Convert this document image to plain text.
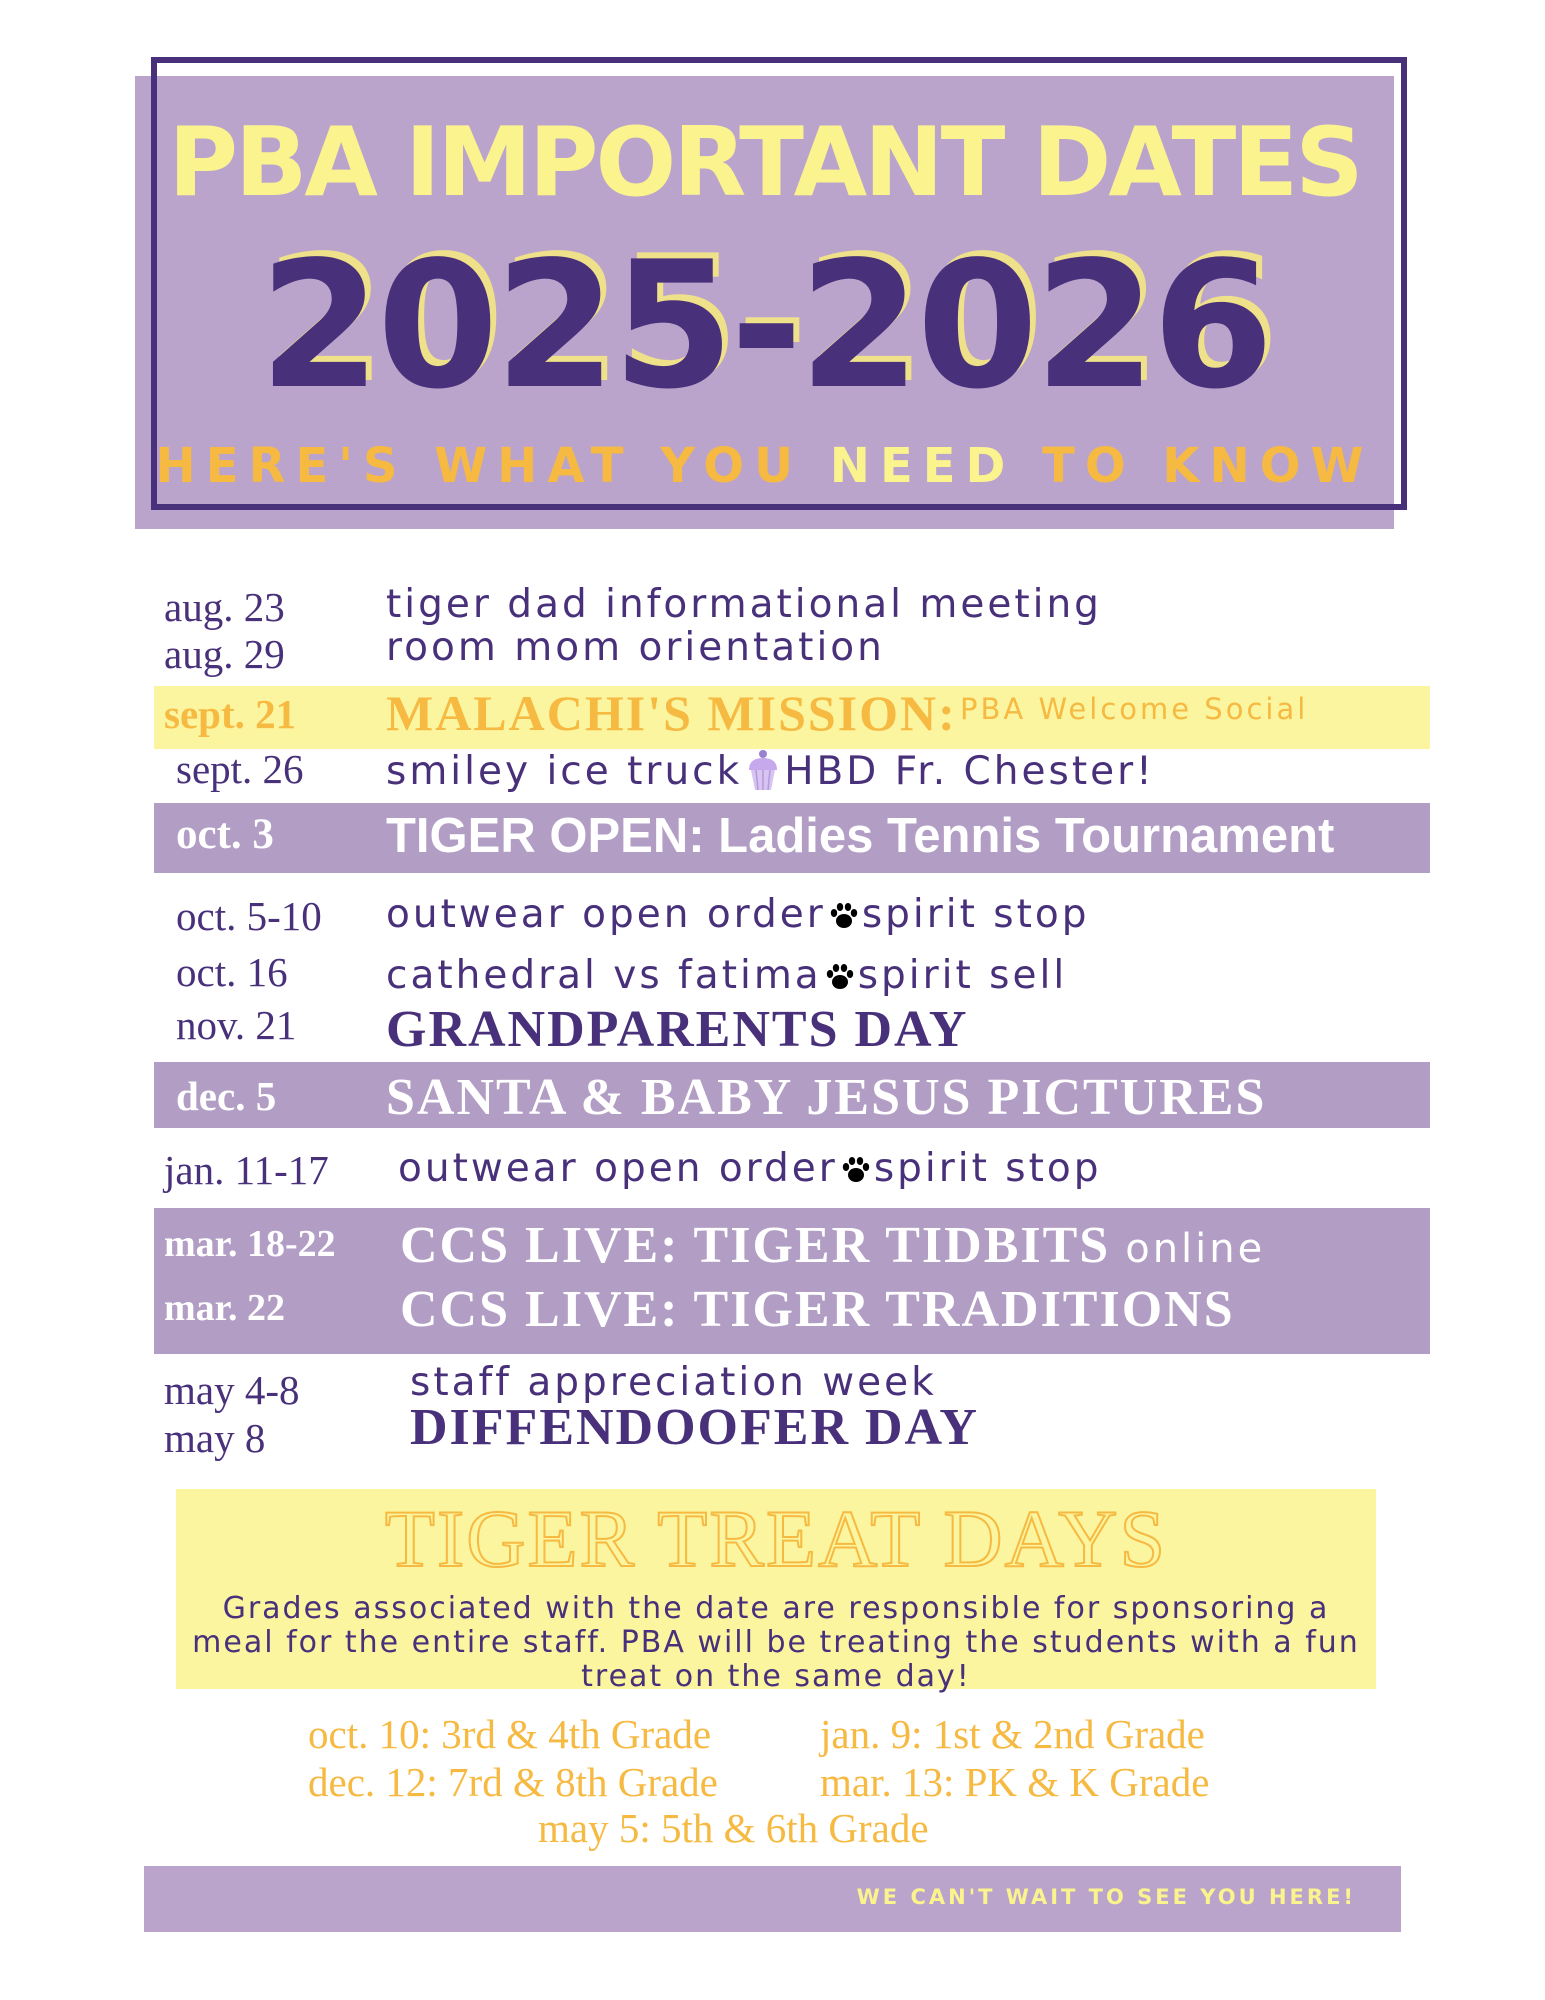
PBA IMPORTANT DATES
2025-2026
HERE'S WHAT YOU NEED TO KNOW
aug. 23	tiger dad informational meeting
aug. 29	room mom orientation
sept. 21 MALACHI'S MISSION: PBA Welcome Social
sept. 26 smiley ice truck HBD Fr. Chester!
oct. 3 TIGER OPEN: Ladies Tennis Tournament
oct. 5-10 outwear open order spirit stop
oct. 16	cathedral vs fatima spirit sell
nov. 21 GRANDPARENTS DAY
dec. 5 SANTA & BABY JESUS PICTURES
jan. 11-17 outwear open order spirit stop
mar. 18-22 CCS LIVE: TIGER TIDBITS online
mar. 22 CCS LIVE: TIGER TRADITIONS
may 4-8	staff appreciation week
may 8	DIFFENDOOFER DAY
TIGER TREAT DAYS
Grades associated with the date are responsible for sponsoring a meal for the entire staff. PBA will be treating the students with a fun treat on the same day!
oct. 10: 3rd & 4th Grade	jan. 9: 1st & 2nd Grade
dec. 12: 7rd & 8th Grade mar. 13: PK & K Grade
may 5: 5th & 6th Grade
WE CAN'T WAIT TO SEE YOU HERE!
